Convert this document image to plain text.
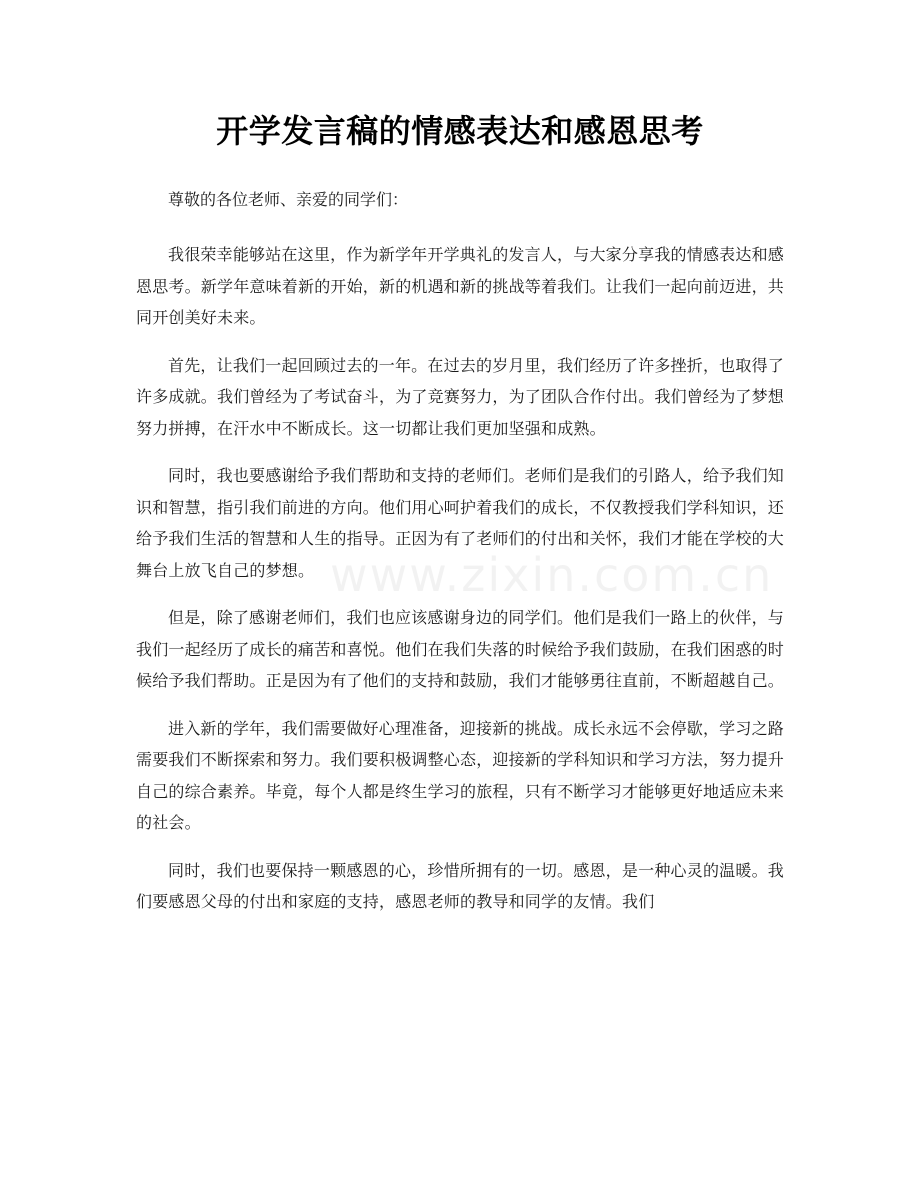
开学发言稿的情感表达和感恩思考

尊敬的各位老师、亲爱的同学们：

我很荣幸能够站在这里，作为新学年开学典礼的发言人，与大家分享我的情感表达和感恩思考。新学年意味着新的开始，新的机遇和新的挑战等着我们。让我们一起向前迈进，共同开创美好未来。

首先，让我们一起回顾过去的一年。在过去的岁月里，我们经历了许多挫折，也取得了许多成就。我们曾经为了考试奋斗，为了竞赛努力，为了团队合作付出。我们曾经为了梦想努力拼搏，在汗水中不断成长。这一切都让我们更加坚强和成熟。

同时，我也要感谢给予我们帮助和支持的老师们。老师们是我们的引路人，给予我们知识和智慧，指引我们前进的方向。他们用心呵护着我们的成长，不仅教授我们学科知识，还给予我们生活的智慧和人生的指导。正因为有了老师们的付出和关怀，我们才能在学校的大舞台上放飞自己的梦想。

但是，除了感谢老师们，我们也应该感谢身边的同学们。他们是我们一路上的伙伴，与我们一起经历了成长的痛苦和喜悦。他们在我们失落的时候给予我们鼓励，在我们困惑的时候给予我们帮助。正是因为有了他们的支持和鼓励，我们才能够勇往直前，不断超越自己。

进入新的学年，我们需要做好心理准备，迎接新的挑战。成长永远不会停歇，学习之路需要我们不断探索和努力。我们要积极调整心态，迎接新的学科知识和学习方法，努力提升自己的综合素养。毕竟，每个人都是终生学习的旅程，只有不断学习才能够更好地适应未来的社会。

同时，我们也要保持一颗感恩的心，珍惜所拥有的一切。感恩，是一种心灵的温暖。我们要感恩父母的付出和家庭的支持，感恩老师的教导和同学的友情。我们

www.zixin.com.cn
